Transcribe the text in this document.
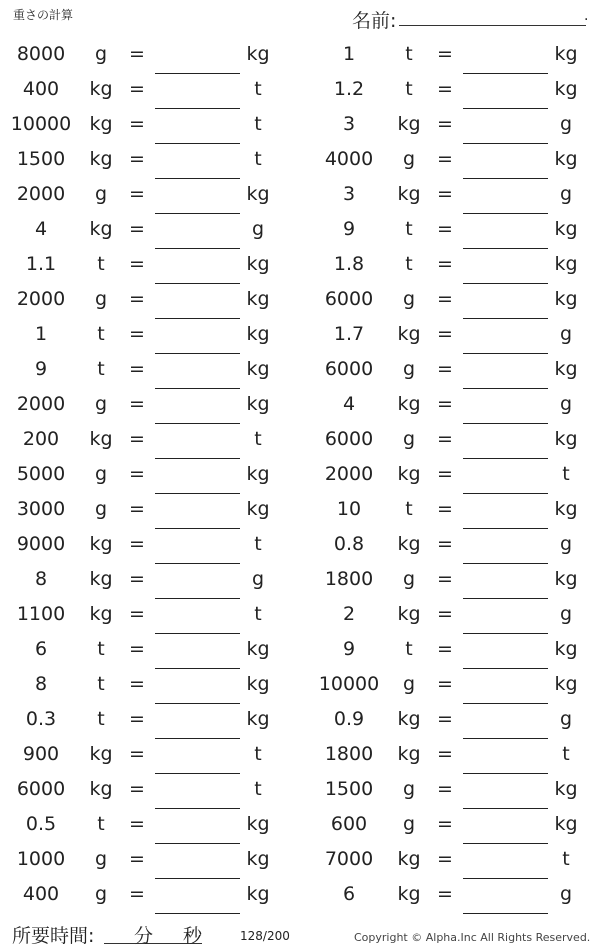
重さの計算	名前:	.
8000	g	=	kg	1	t	=	kg
400	kg =	t	1.2	t	=	kg
10000 kg =	t	3	kg =	g
1500	kg =	t	4000	g	=	kg
2000	g	=	kg	3	kg =	g
4	kg =	g	9	t	=	kg
1.1	t	=	kg	1.8	t	=	kg
2000	g	=	kg	6000	g	=	kg
1	t	=	kg	1.7	kg =	g
9	t	=	kg	6000	g	=	kg
2000	g	=	kg	4	kg =	g
200	kg =	t	6000	g	=	kg
5000	g	=	kg	2000	kg =	t
3000	g	=	kg	10	t	=	kg
9000	kg =	t	0.8	kg =	g
8	kg =	g	1800	g	=	kg
1100	kg =	t	2	kg =	g
6	t	=	kg	9	t	=	kg
8	t	=	kg	10000	g	=	kg
0.3	t	=	kg	0.9	kg =	g
900	kg =	t	1800	kg =	t
6000	kg =	t	1500	g	=	kg
0.5	t	=	kg	600	g	=	kg
1000	g	=	kg	7000	kg =	t
400	g	=	kg	6	kg =	g
所要時間: 分 秒	128/200	Copyright © Alpha.Inc All Rights Reserved.
